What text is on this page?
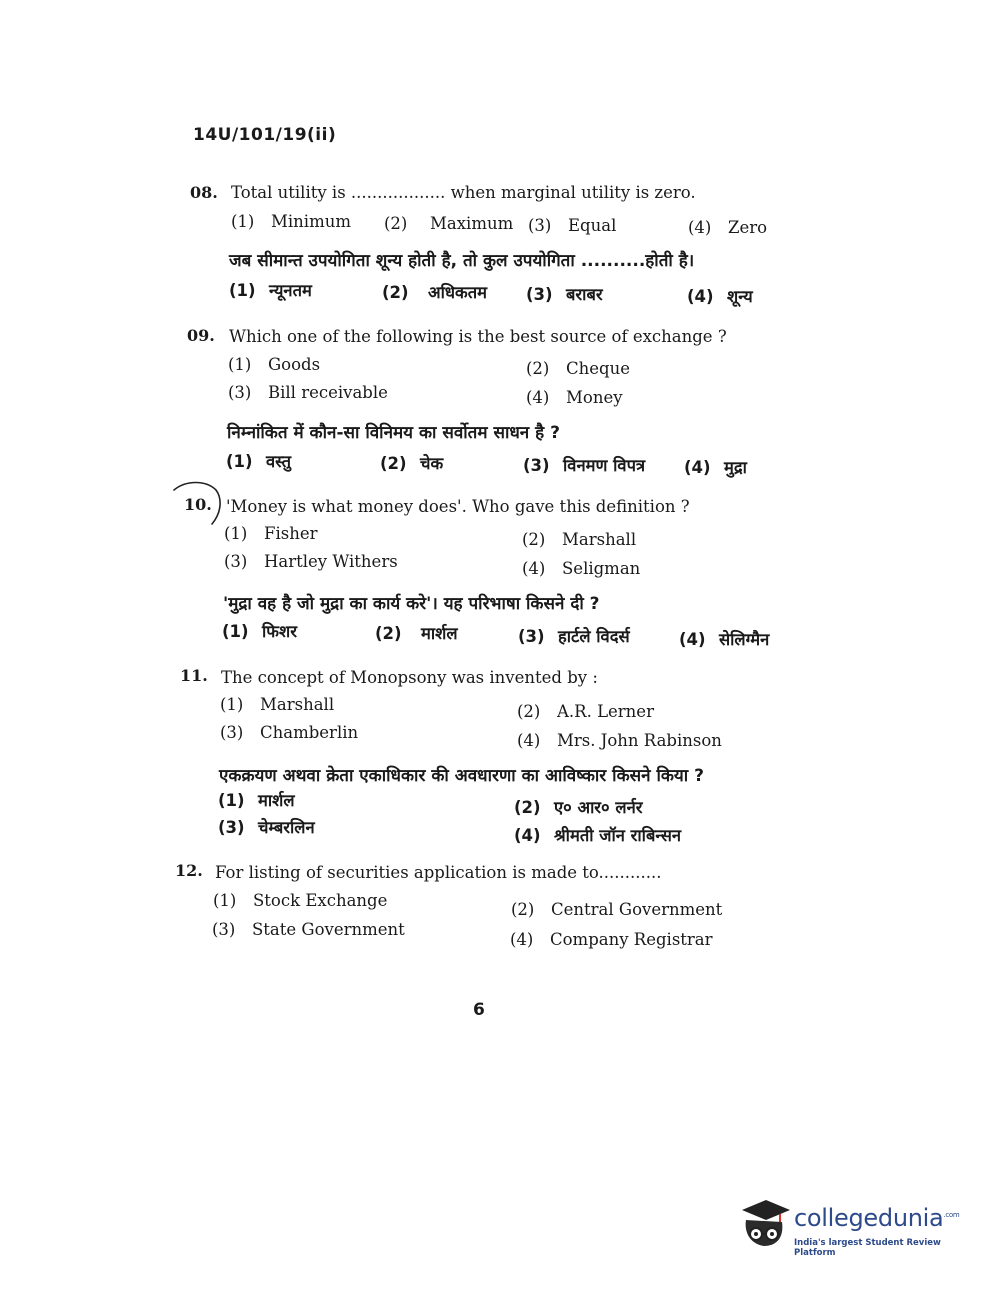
14U/101/19(ii)
08. Total utility is .................. when marginal utility is zero.
(1) Minimum (2) Maximum (3) Equal	(4) Zero
जब सीमान्त उपयोगिता शून्य होती है, तो कुल उपयोगिता ..........होती है।
(1) न्यूनतम	(2) अधिकतम (3) बराबर	(4) शून्य
09. Which one of the following is the best source of exchange ?
(1) Goods	(2) Cheque
(3) Bill receivable	(4) Money
निम्नांकित में कौन-सा विनिमय का सर्वोतम साधन है ?
(1) वस्तु	(2) चेक	(3) विनमण विपत्र (4) मुद्रा
10. 'Money is what money does'. Who gave this definition ?
(1) Fisher	(2) Marshall
(3) Hartley Withers	(4) Seligman
'मुद्रा वह है जो मुद्रा का कार्य करे'। यह परिभाषा किसने दी ?
(1) फिशर	(2) मार्शल	(3) हार्टले विदर्स	(4) सेलिग्मैन
11. The concept of Monopsony was invented by :
(1) Marshall	(2) A.R. Lerner
(3) Chamberlin	(4) Mrs. John Rabinson
एकक्रयण अथवा क्रेता एकाधिकार की अवधारणा का आविष्कार किसने किया ?
(1) मार्शल	(2) ए० आर० लर्नर
(3) चेम्बरलिन	(4) श्रीमती जॉन राबिन्सन
12. For listing of securities application is made to............
(1) Stock Exchange	(2) Central Government
(3) State Government
(4) Company Registrar
6
collegedunia$^{.com}$
India's largest Student Review Platform
